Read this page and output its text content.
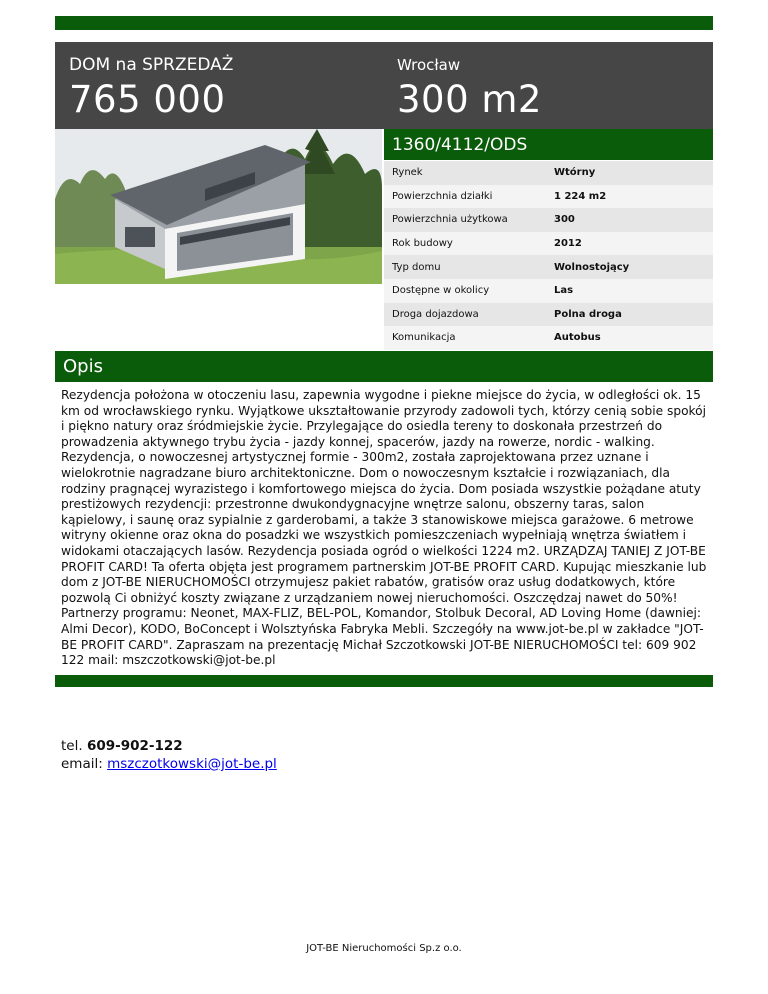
DOM na SPRZEDAŻ
765 000
Wrocław
300 m2
1360/4112/ODS
Rynek	Wtórny
Powierzchnia działki	1 224 m2
Powierzchnia użytkowa	300
Rok budowy	2012
Typ domu	Wolnostojący
Dostępne w okolicy	Las
Droga dojazdowa	Polna droga
Komunikacja	Autobus
Opis
Rezydencja położona w otoczeniu lasu, zapewnia wygodne i piekne miejsce do życia, w odległości ok. 15 km od wrocławskiego rynku. Wyjątkowe ukształtowanie przyrody zadowoli tych, którzy cenią sobie spokój i piękno natury oraz śródmiejskie życie. Przylegające do osiedla tereny to doskonała przestrzeń do prowadzenia aktywnego trybu życia - jazdy konnej, spacerów, jazdy na rowerze, nordic - walking. Rezydencja, o nowoczesnej artystycznej formie - 300m2, została zaprojektowana przez uznane i wielokrotnie nagradzane biuro architektoniczne. Dom o nowoczesnym kształcie i rozwiązaniach, dla rodziny pragnącej wyrazistego i komfortowego miejsca do życia. Dom posiada wszystkie pożądane atuty prestiżowych rezydencji: przestronne dwukondygnacyjne wnętrze salonu, obszerny taras, salon kąpielowy, i saunę oraz sypialnie z garderobami, a także 3 stanowiskowe miejsca garażowe. 6 metrowe witryny okienne oraz okna do posadzki we wszystkich pomieszczeniach wypełniają wnętrza światłem i widokami otaczających lasów. Rezydencja posiada ogród o wielkości 1224 m2. URZĄDZAJ TANIEJ Z JOT-BE PROFIT CARD! Ta oferta objęta jest programem partnerskim JOT-BE PROFIT CARD. Kupując mieszkanie lub dom z JOT-BE NIERUCHOMOŚCI otrzymujesz pakiet rabatów, gratisów oraz usług dodatkowych, które pozwolą Ci obniżyć koszty związane z urządzaniem nowej nieruchomości. Oszczędzaj nawet do 50%! Partnerzy programu: Neonet, MAX-FLIZ, BEL-POL, Komandor, Stolbuk Decoral, AD Loving Home (dawniej: Almi Decor), KODO, BoConcept i Wolsztyńska Fabryka Mebli. Szczegóły na www.jot-be.pl w zakładce "JOT-BE PROFIT CARD". Zapraszam na prezentację Michał Szczotkowski JOT-BE NIERUCHOMOŚCI tel: 609 902 122 mail: mszczotkowski@jot-be.pl
tel. 609-902-122
email: mszczotkowski@jot-be.pl
JOT-BE Nieruchomości Sp.z o.o.
